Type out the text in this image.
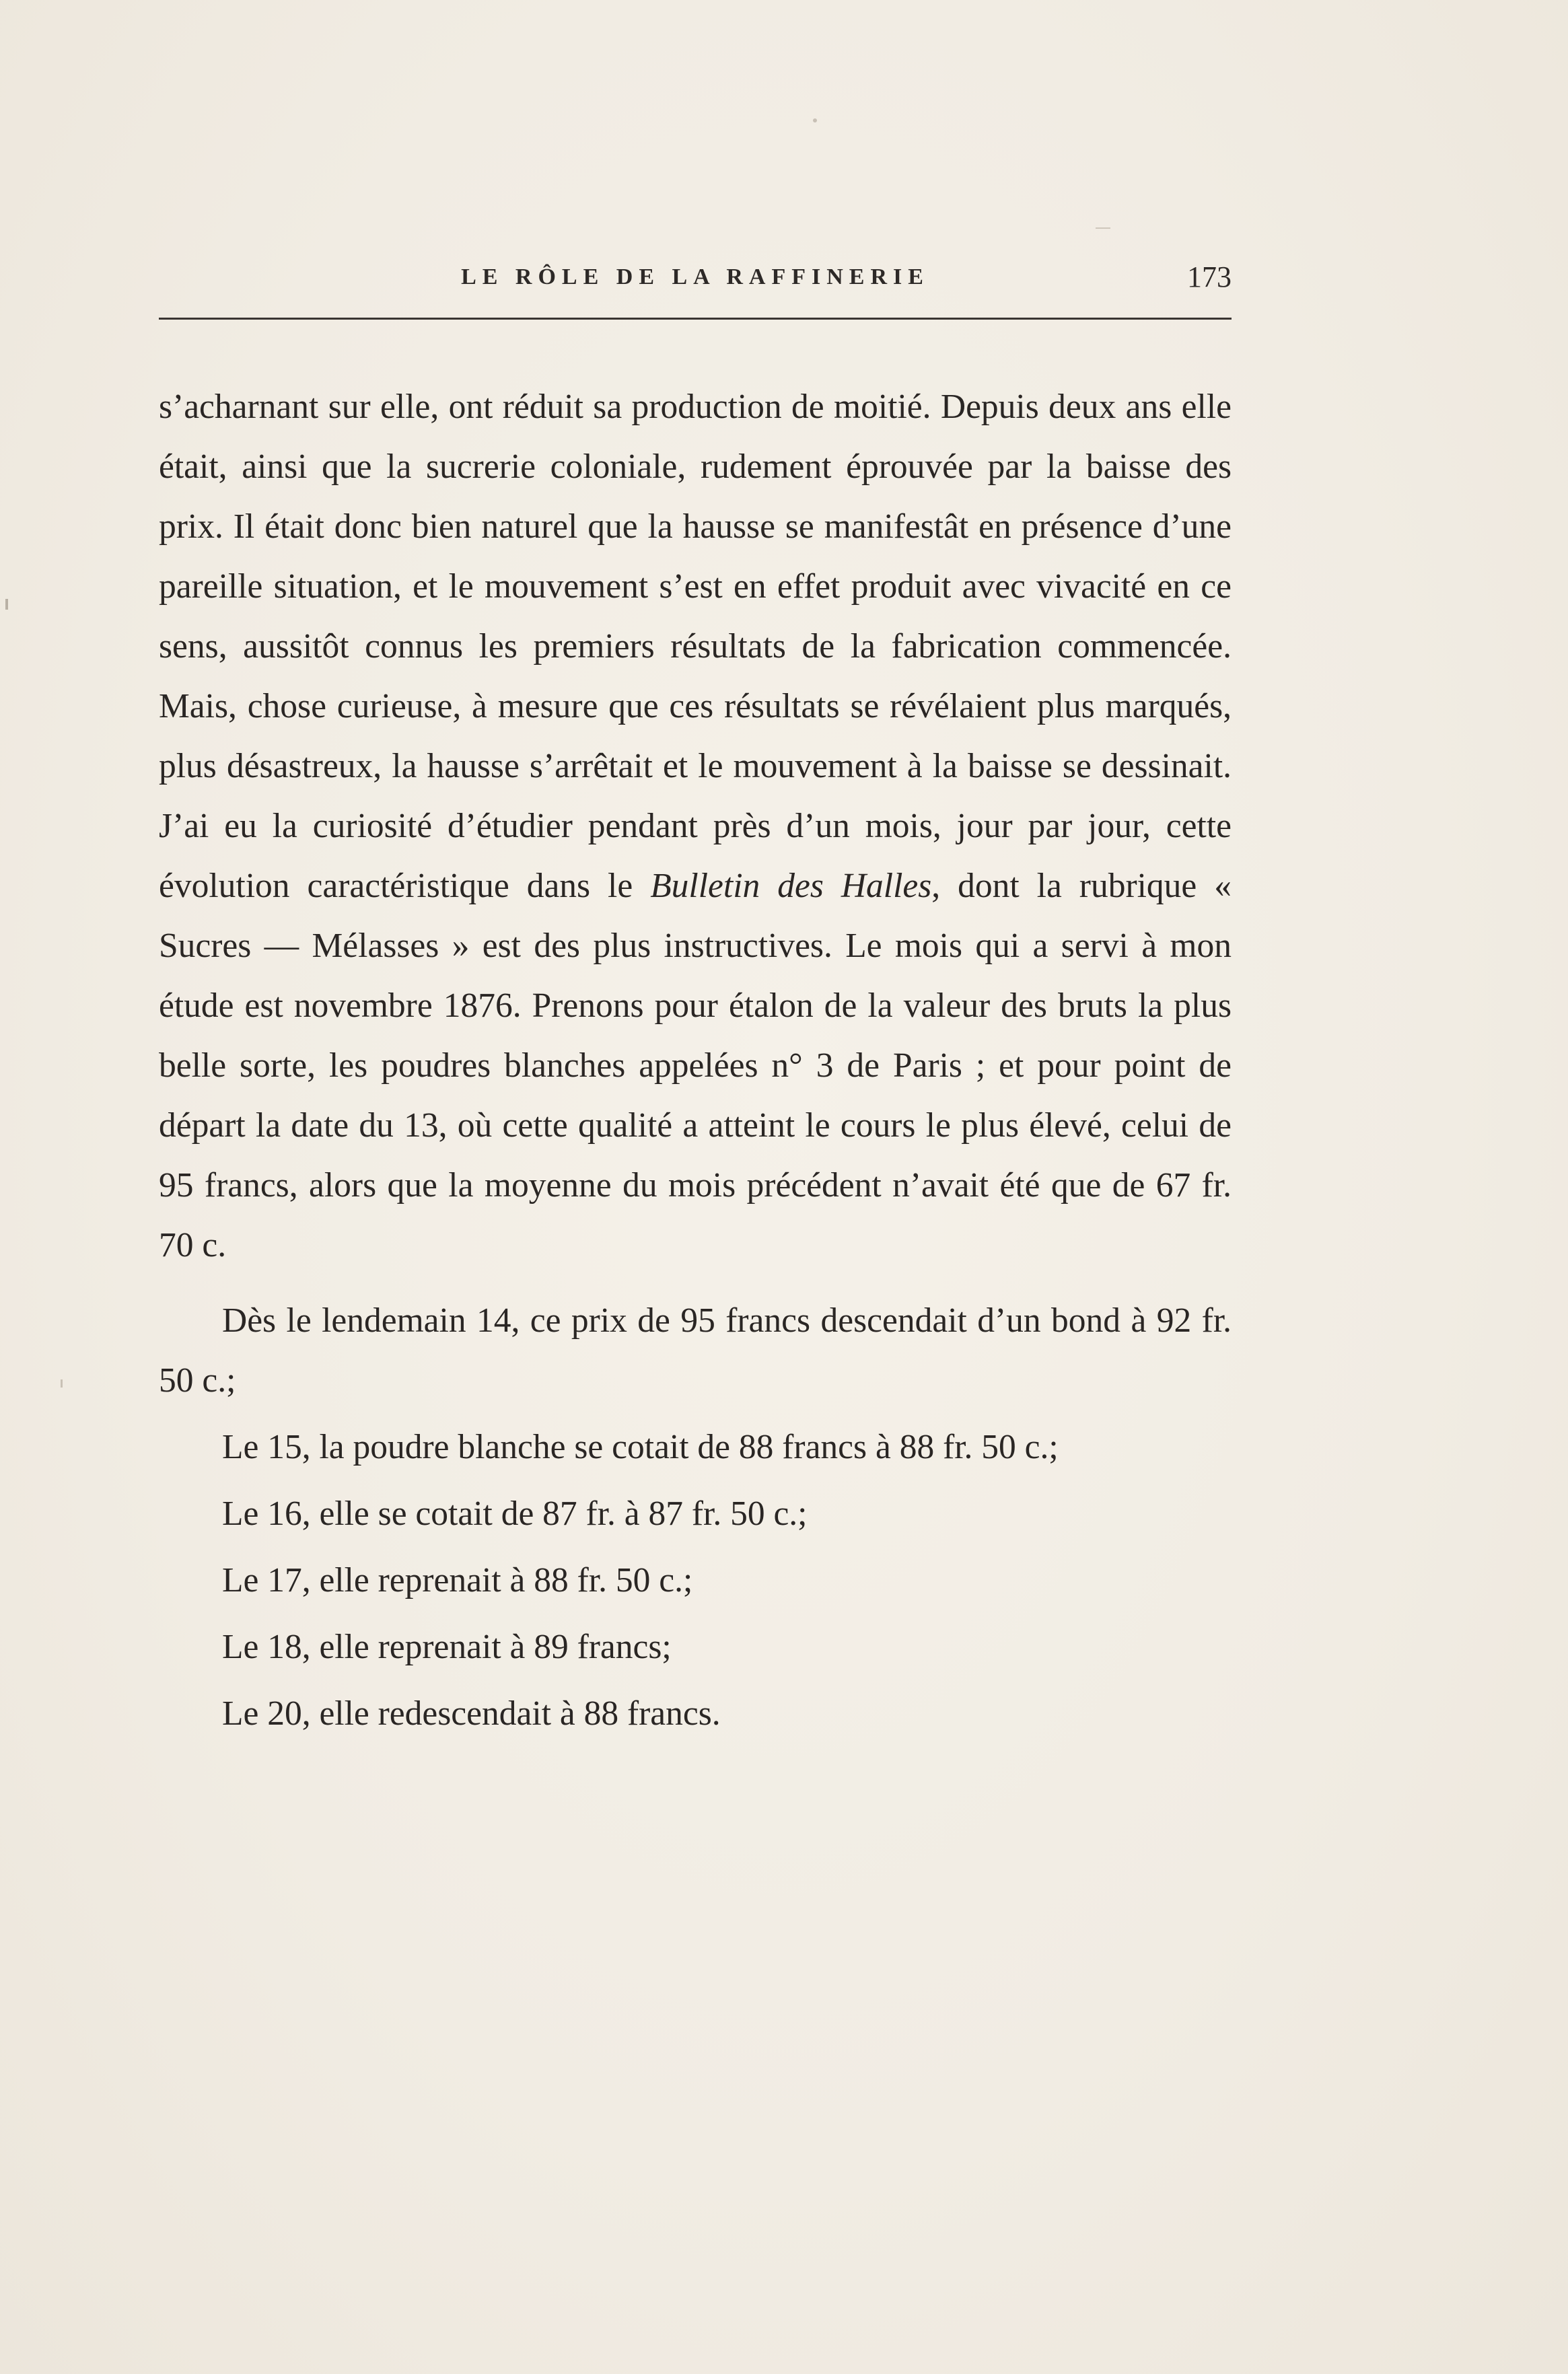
LE RÔLE DE LA RAFFINERIE	173

s’acharnant sur elle, ont réduit sa production de moitié. Depuis deux ans elle était, ainsi que la sucrerie coloniale, rudement éprouvée par la baisse des prix. Il était donc bien naturel que la hausse se manifestât en présence d’une pareille situation, et le mouvement s’est en effet produit avec vivacité en ce sens, aussitôt connus les premiers résultats de la fabrication commencée. Mais, chose curieuse, à mesure que ces résultats se révélaient plus marqués, plus désastreux, la hausse s’arrêtait et le mouvement à la baisse se dessinait. J’ai eu la curiosité d’étudier pendant près d’un mois, jour par jour, cette évolution caractéristique dans le Bulletin des Halles, dont la rubrique « Sucres — Mélasses » est des plus instructives. Le mois qui a servi à mon étude est novembre 1876. Prenons pour étalon de la valeur des bruts la plus belle sorte, les poudres blanches appelées n° 3 de Paris ; et pour point de départ la date du 13, où cette qualité a atteint le cours le plus élevé, celui de 95 francs, alors que la moyenne du mois précédent n’avait été que de 67 fr. 70 c.

Dès le lendemain 14, ce prix de 95 francs descendait d’un bond à 92 fr. 50 c.;

Le 15, la poudre blanche se cotait de 88 francs à 88 fr. 50 c.;

Le 16, elle se cotait de 87 fr. à 87 fr. 50 c.;

Le 17, elle reprenait à 88 fr. 50 c.;

Le 18, elle reprenait à 89 francs;

Le 20, elle redescendait à 88 francs.
